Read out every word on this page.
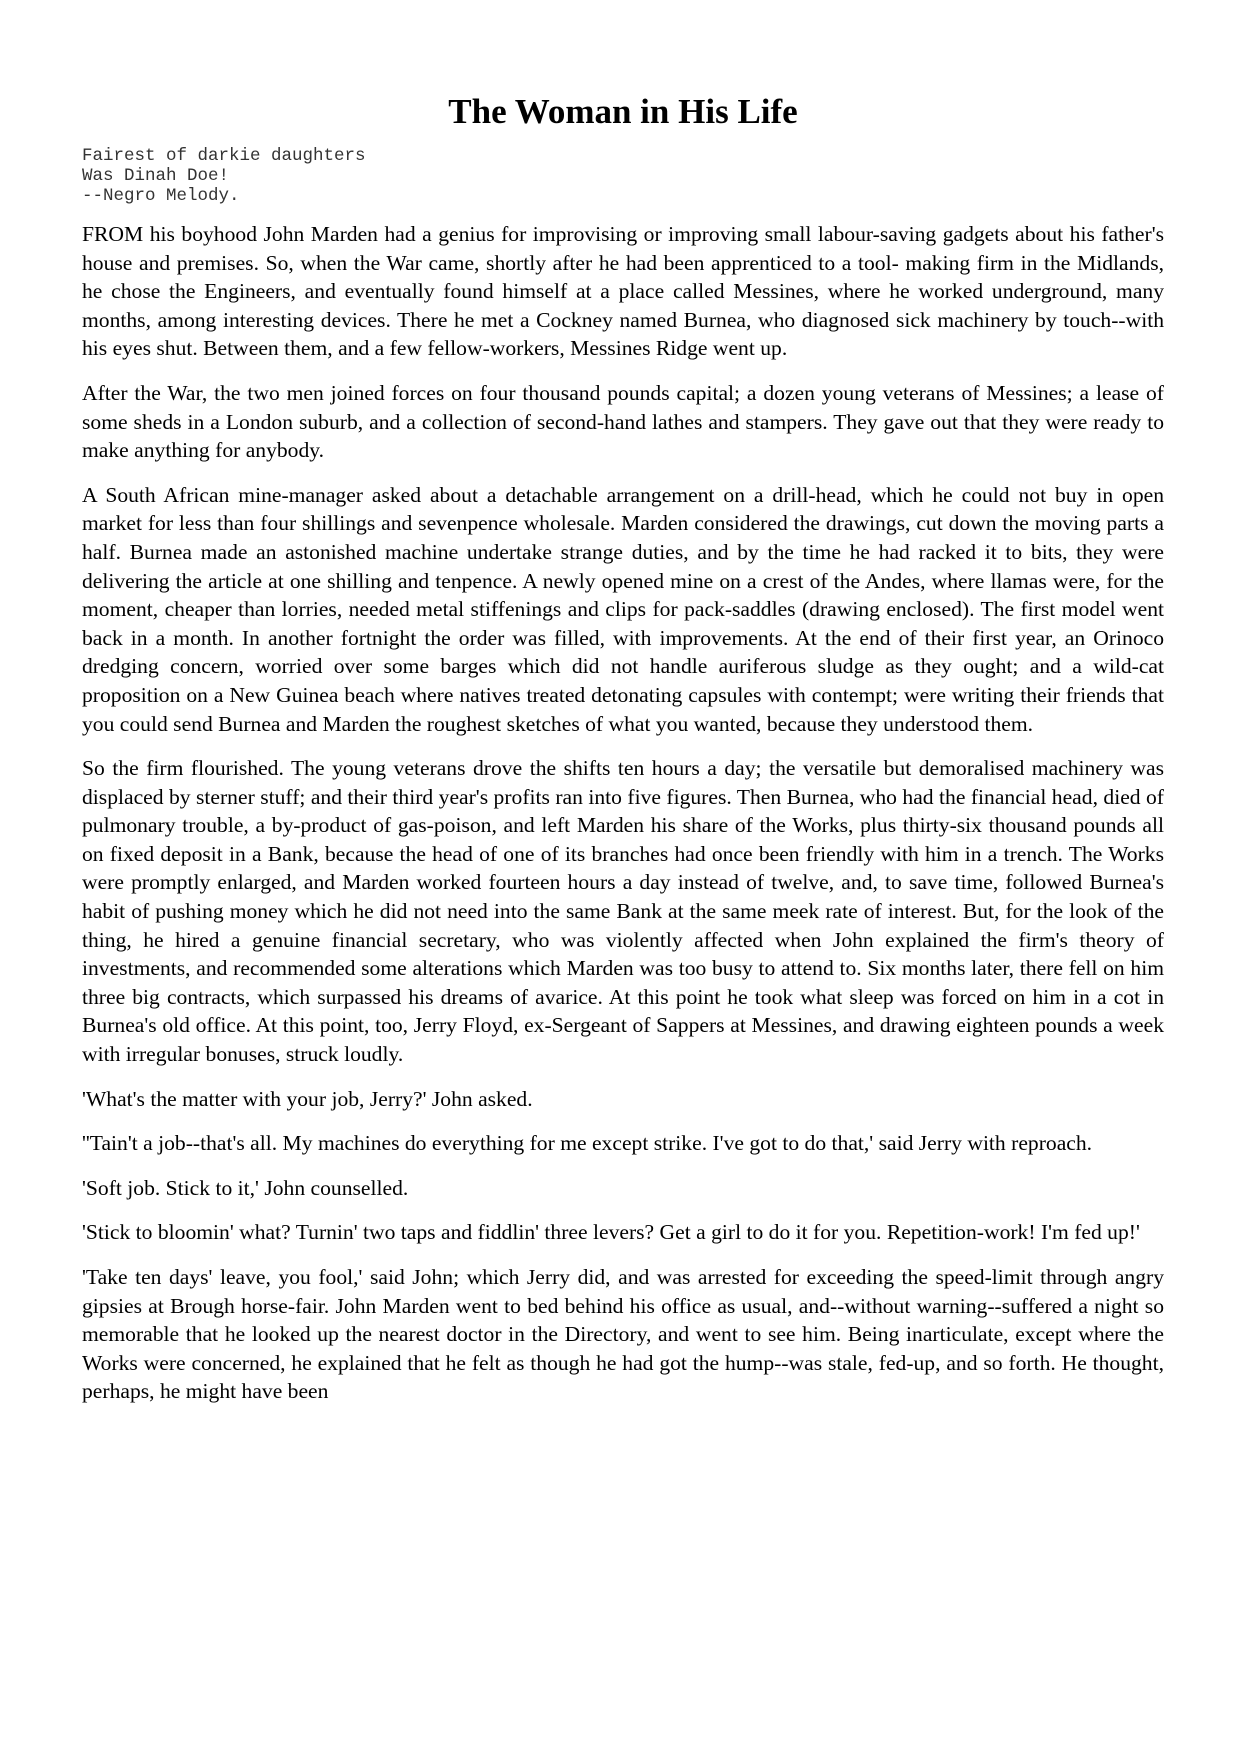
The Woman in His Life
Fairest of darkie daughters
Was Dinah Doe!
--Negro Melody.

FROM his boyhood John Marden had a genius for improvising or improving small labour-saving gadgets about his father's house and premises. So, when the War came, shortly after he had been apprenticed to a tool- making firm in the Midlands, he chose the Engineers, and eventually found himself at a place called Messines, where he worked underground, many months, among interesting devices. There he met a Cockney named Burnea, who diagnosed sick machinery by touch--with his eyes shut. Between them, and a few fellow-workers, Messines Ridge went up.

After the War, the two men joined forces on four thousand pounds capital; a dozen young veterans of Messines; a lease of some sheds in a London suburb, and a collection of second-hand lathes and stampers. They gave out that they were ready to make anything for anybody.

A South African mine-manager asked about a detachable arrangement on a drill-head, which he could not buy in open market for less than four shillings and sevenpence wholesale. Marden considered the drawings, cut down the moving parts a half. Burnea made an astonished machine undertake strange duties, and by the time he had racked it to bits, they were delivering the article at one shilling and tenpence. A newly opened mine on a crest of the Andes, where llamas were, for the moment, cheaper than lorries, needed metal stiffenings and clips for pack-saddles (drawing enclosed). The first model went back in a month. In another fortnight the order was filled, with improvements. At the end of their first year, an Orinoco dredging concern, worried over some barges which did not handle auriferous sludge as they ought; and a wild-cat proposition on a New Guinea beach where natives treated detonating capsules with contempt; were writing their friends that you could send Burnea and Marden the roughest sketches of what you wanted, because they understood them.

So the firm flourished. The young veterans drove the shifts ten hours a day; the versatile but demoralised machinery was displaced by sterner stuff; and their third year's profits ran into five figures. Then Burnea, who had the financial head, died of pulmonary trouble, a by-product of gas-poison, and left Marden his share of the Works, plus thirty-six thousand pounds all on fixed deposit in a Bank, because the head of one of its branches had once been friendly with him in a trench. The Works were promptly enlarged, and Marden worked fourteen hours a day instead of twelve, and, to save time, followed Burnea's habit of pushing money which he did not need into the same Bank at the same meek rate of interest. But, for the look of the thing, he hired a genuine financial secretary, who was violently affected when John explained the firm's theory of investments, and recommended some alterations which Marden was too busy to attend to. Six months later, there fell on him three big contracts, which surpassed his dreams of avarice. At this point he took what sleep was forced on him in a cot in Burnea's old office. At this point, too, Jerry Floyd, ex-Sergeant of Sappers at Messines, and drawing eighteen pounds a week with irregular bonuses, struck loudly.

'What's the matter with your job, Jerry?' John asked.

''Tain't a job--that's all. My machines do everything for me except strike. I've got to do that,' said Jerry with reproach.

'Soft job. Stick to it,' John counselled.

'Stick to bloomin' what? Turnin' two taps and fiddlin' three levers? Get a girl to do it for you. Repetition-work! I'm fed up!'

'Take ten days' leave, you fool,' said John; which Jerry did, and was arrested for exceeding the speed-limit through angry gipsies at Brough horse-fair. John Marden went to bed behind his office as usual, and--without warning--suffered a night so memorable that he looked up the nearest doctor in the Directory, and went to see him. Being inarticulate, except where the Works were concerned, he explained that he felt as though he had got the hump--was stale, fed-up, and so forth. He thought, perhaps, he might have been
